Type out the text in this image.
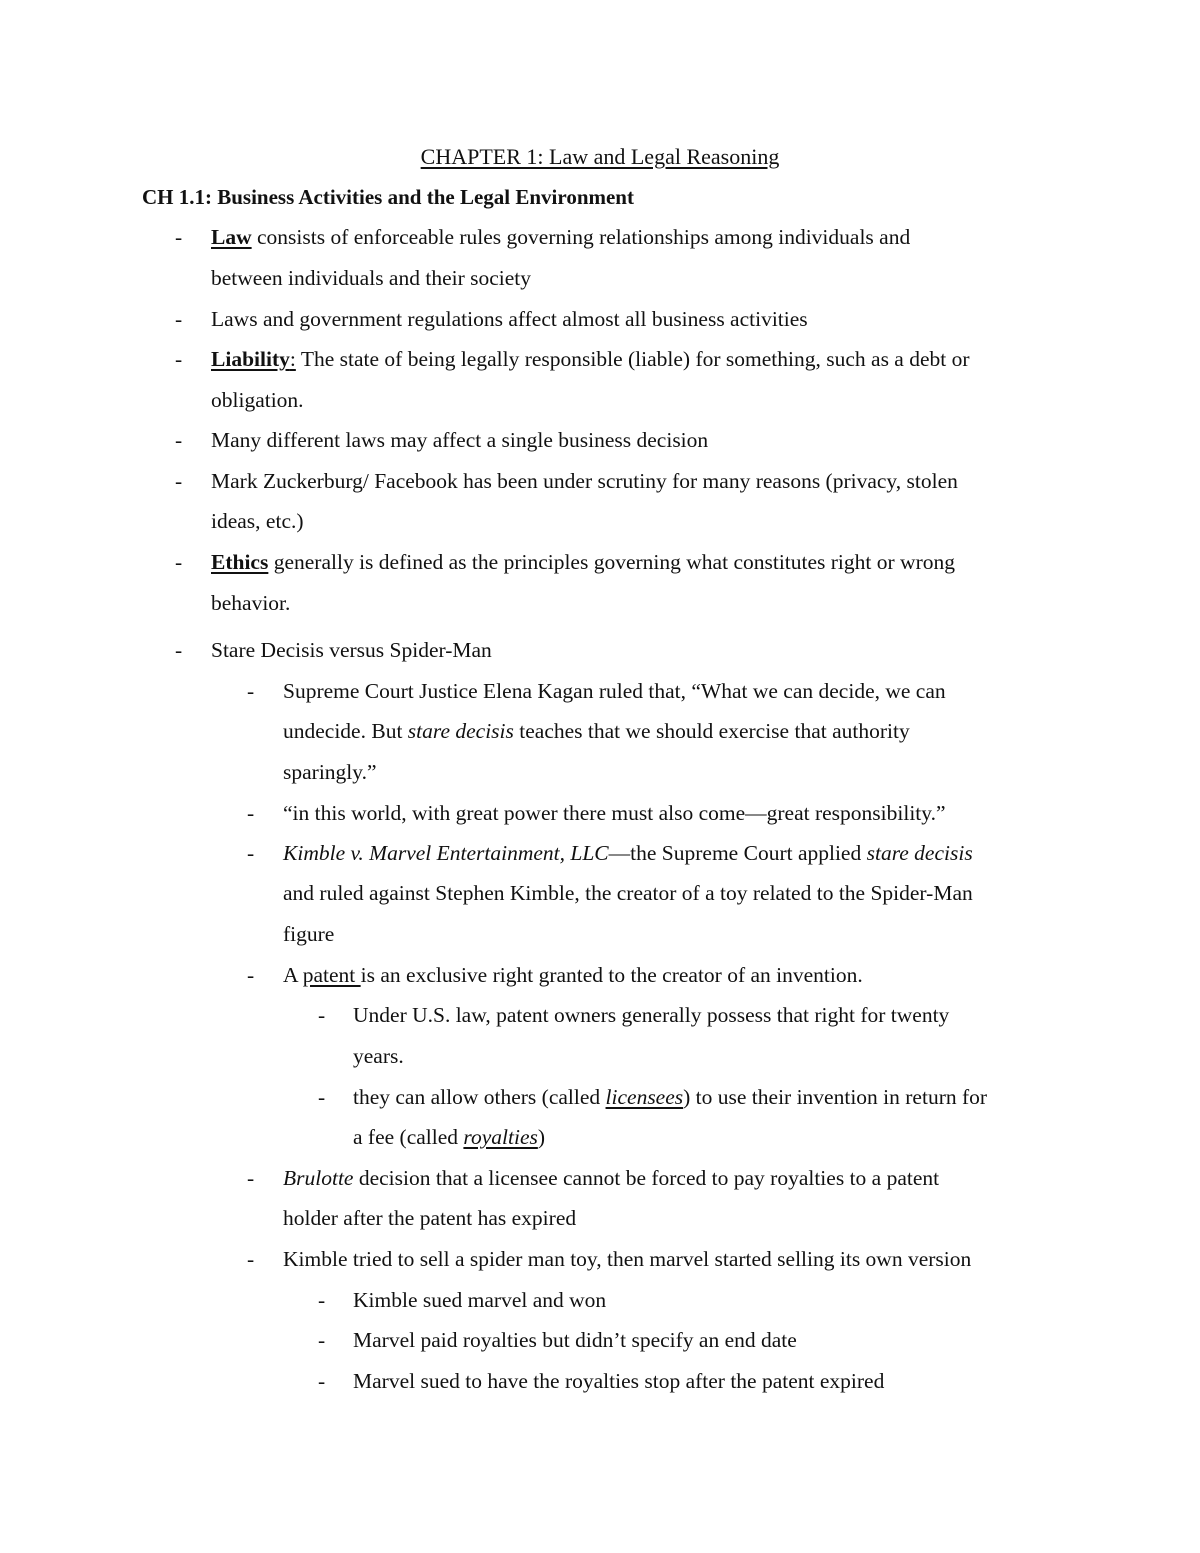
CHAPTER 1: Law and Legal Reasoning
CH 1.1: Business Activities and the Legal Environment
- Law consists of enforceable rules governing relationships among individuals and
between individuals and their society
- Laws and government regulations affect almost all business activities
- Liability: The state of being legally responsible (liable) for something, such as a debt or
obligation.
- Many different laws may affect a single business decision
- Mark Zuckerburg/ Facebook has been under scrutiny for many reasons (privacy, stolen
ideas, etc.)
- Ethics generally is defined as the principles governing what constitutes right or wrong
behavior.
- Stare Decisis versus Spider-Man
- Supreme Court Justice Elena Kagan ruled that, “What we can decide, we can
undecide. But stare decisis teaches that we should exercise that authority
sparingly.”
- “in this world, with great power there must also come—great responsibility.”
- Kimble v. Marvel Entertainment, LLC—the Supreme Court applied stare decisis
and ruled against Stephen Kimble, the creator of a toy related to the Spider-Man
figure
- A patent is an exclusive right granted to the creator of an invention.
- Under U.S. law, patent owners generally possess that right for twenty
years.
- they can allow others (called licensees) to use their invention in return for
a fee (called royalties)
- Brulotte decision that a licensee cannot be forced to pay royalties to a patent
holder after the patent has expired
- Kimble tried to sell a spider man toy, then marvel started selling its own version
- Kimble sued marvel and won
- Marvel paid royalties but didn’t specify an end date
- Marvel sued to have the royalties stop after the patent expired
